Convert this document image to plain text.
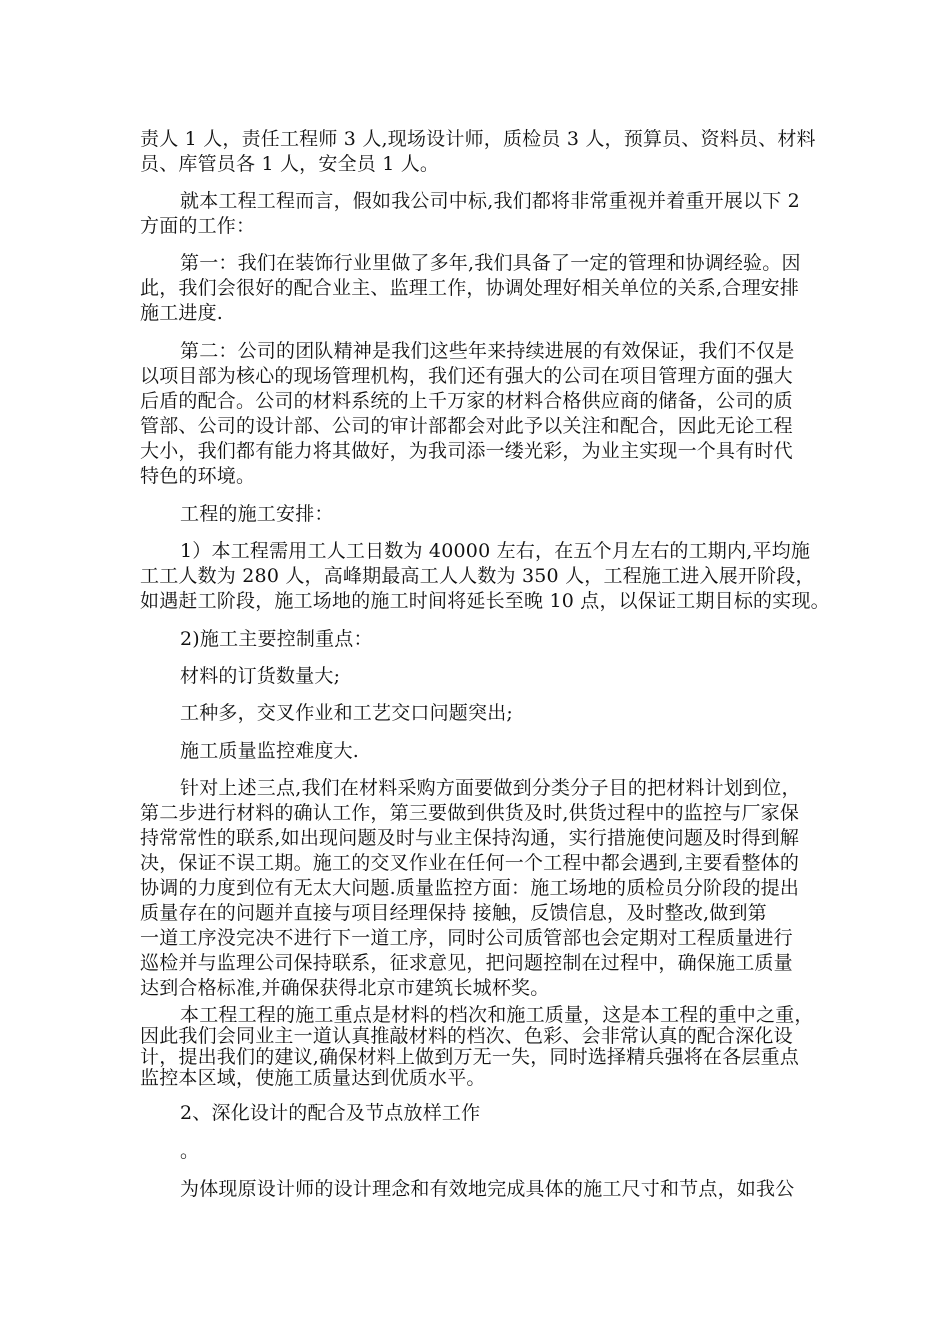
责人 1 人，责任工程师 3 人,现场设计师，质检员 3 人，预算员、资料员、材料

员、库管员各 1 人，安全员 1 人。

就本工程工程而言，假如我公司中标,我们都将非常重视并着重开展以下 2

方面的工作：

第一：我们在装饰行业里做了多年,我们具备了一定的管理和协调经验。因

此，我们会很好的配合业主、监理工作，协调处理好相关单位的关系,合理安排

施工进度.

第二：公司的团队精神是我们这些年来持续进展的有效保证，我们不仅是

以项目部为核心的现场管理机构，我们还有强大的公司在项目管理方面的强大

后盾的配合。公司的材料系统的上千万家的材料合格供应商的储备，公司的质

管部、公司的设计部、公司的审计部都会对此予以关注和配合，因此无论工程

大小，我们都有能力将其做好，为我司添一缕光彩，为业主实现一个具有时代

特色的环境。

工程的施工安排：

1）本工程需用工人工日数为 40000 左右，在五个月左右的工期内,平均施

工工人数为 280 人，高峰期最高工人人数为 350 人，工程施工进入展开阶段，

如遇赶工阶段，施工场地的施工时间将延长至晚 10 点，以保证工期目标的实现。

2)施工主要控制重点：

材料的订货数量大;

工种多，交叉作业和工艺交口问题突出;

施工质量监控难度大.

针对上述三点,我们在材料采购方面要做到分类分子目的把材料计划到位，

第二步进行材料的确认工作，第三要做到供货及时,供货过程中的监控与厂家保

持常常性的联系,如出现问题及时与业主保持沟通，实行措施使问题及时得到解

决，保证不误工期。施工的交叉作业在任何一个工程中都会遇到,主要看整体的

协调的力度到位有无太大问题.质量监控方面：施工场地的质检员分阶段的提出

质量存在的问题并直接与项目经理保持 接触，反馈信息，及时整改,做到第

一道工序没完决不进行下一道工序，同时公司质管部也会定期对工程质量进行

巡检并与监理公司保持联系，征求意见，把问题控制在过程中，确保施工质量

达到合格标准,并确保获得北京市建筑长城杯奖。

本工程工程的施工重点是材料的档次和施工质量，这是本工程的重中之重，

因此我们会同业主一道认真推敲材料的档次、色彩、会非常认真的配合深化设

计，提出我们的建议,确保材料上做到万无一失，同时选择精兵强将在各层重点

监控本区域，使施工质量达到优质水平。

2、深化设计的配合及节点放样工作

。

为体现原设计师的设计理念和有效地完成具体的施工尺寸和节点，如我公
